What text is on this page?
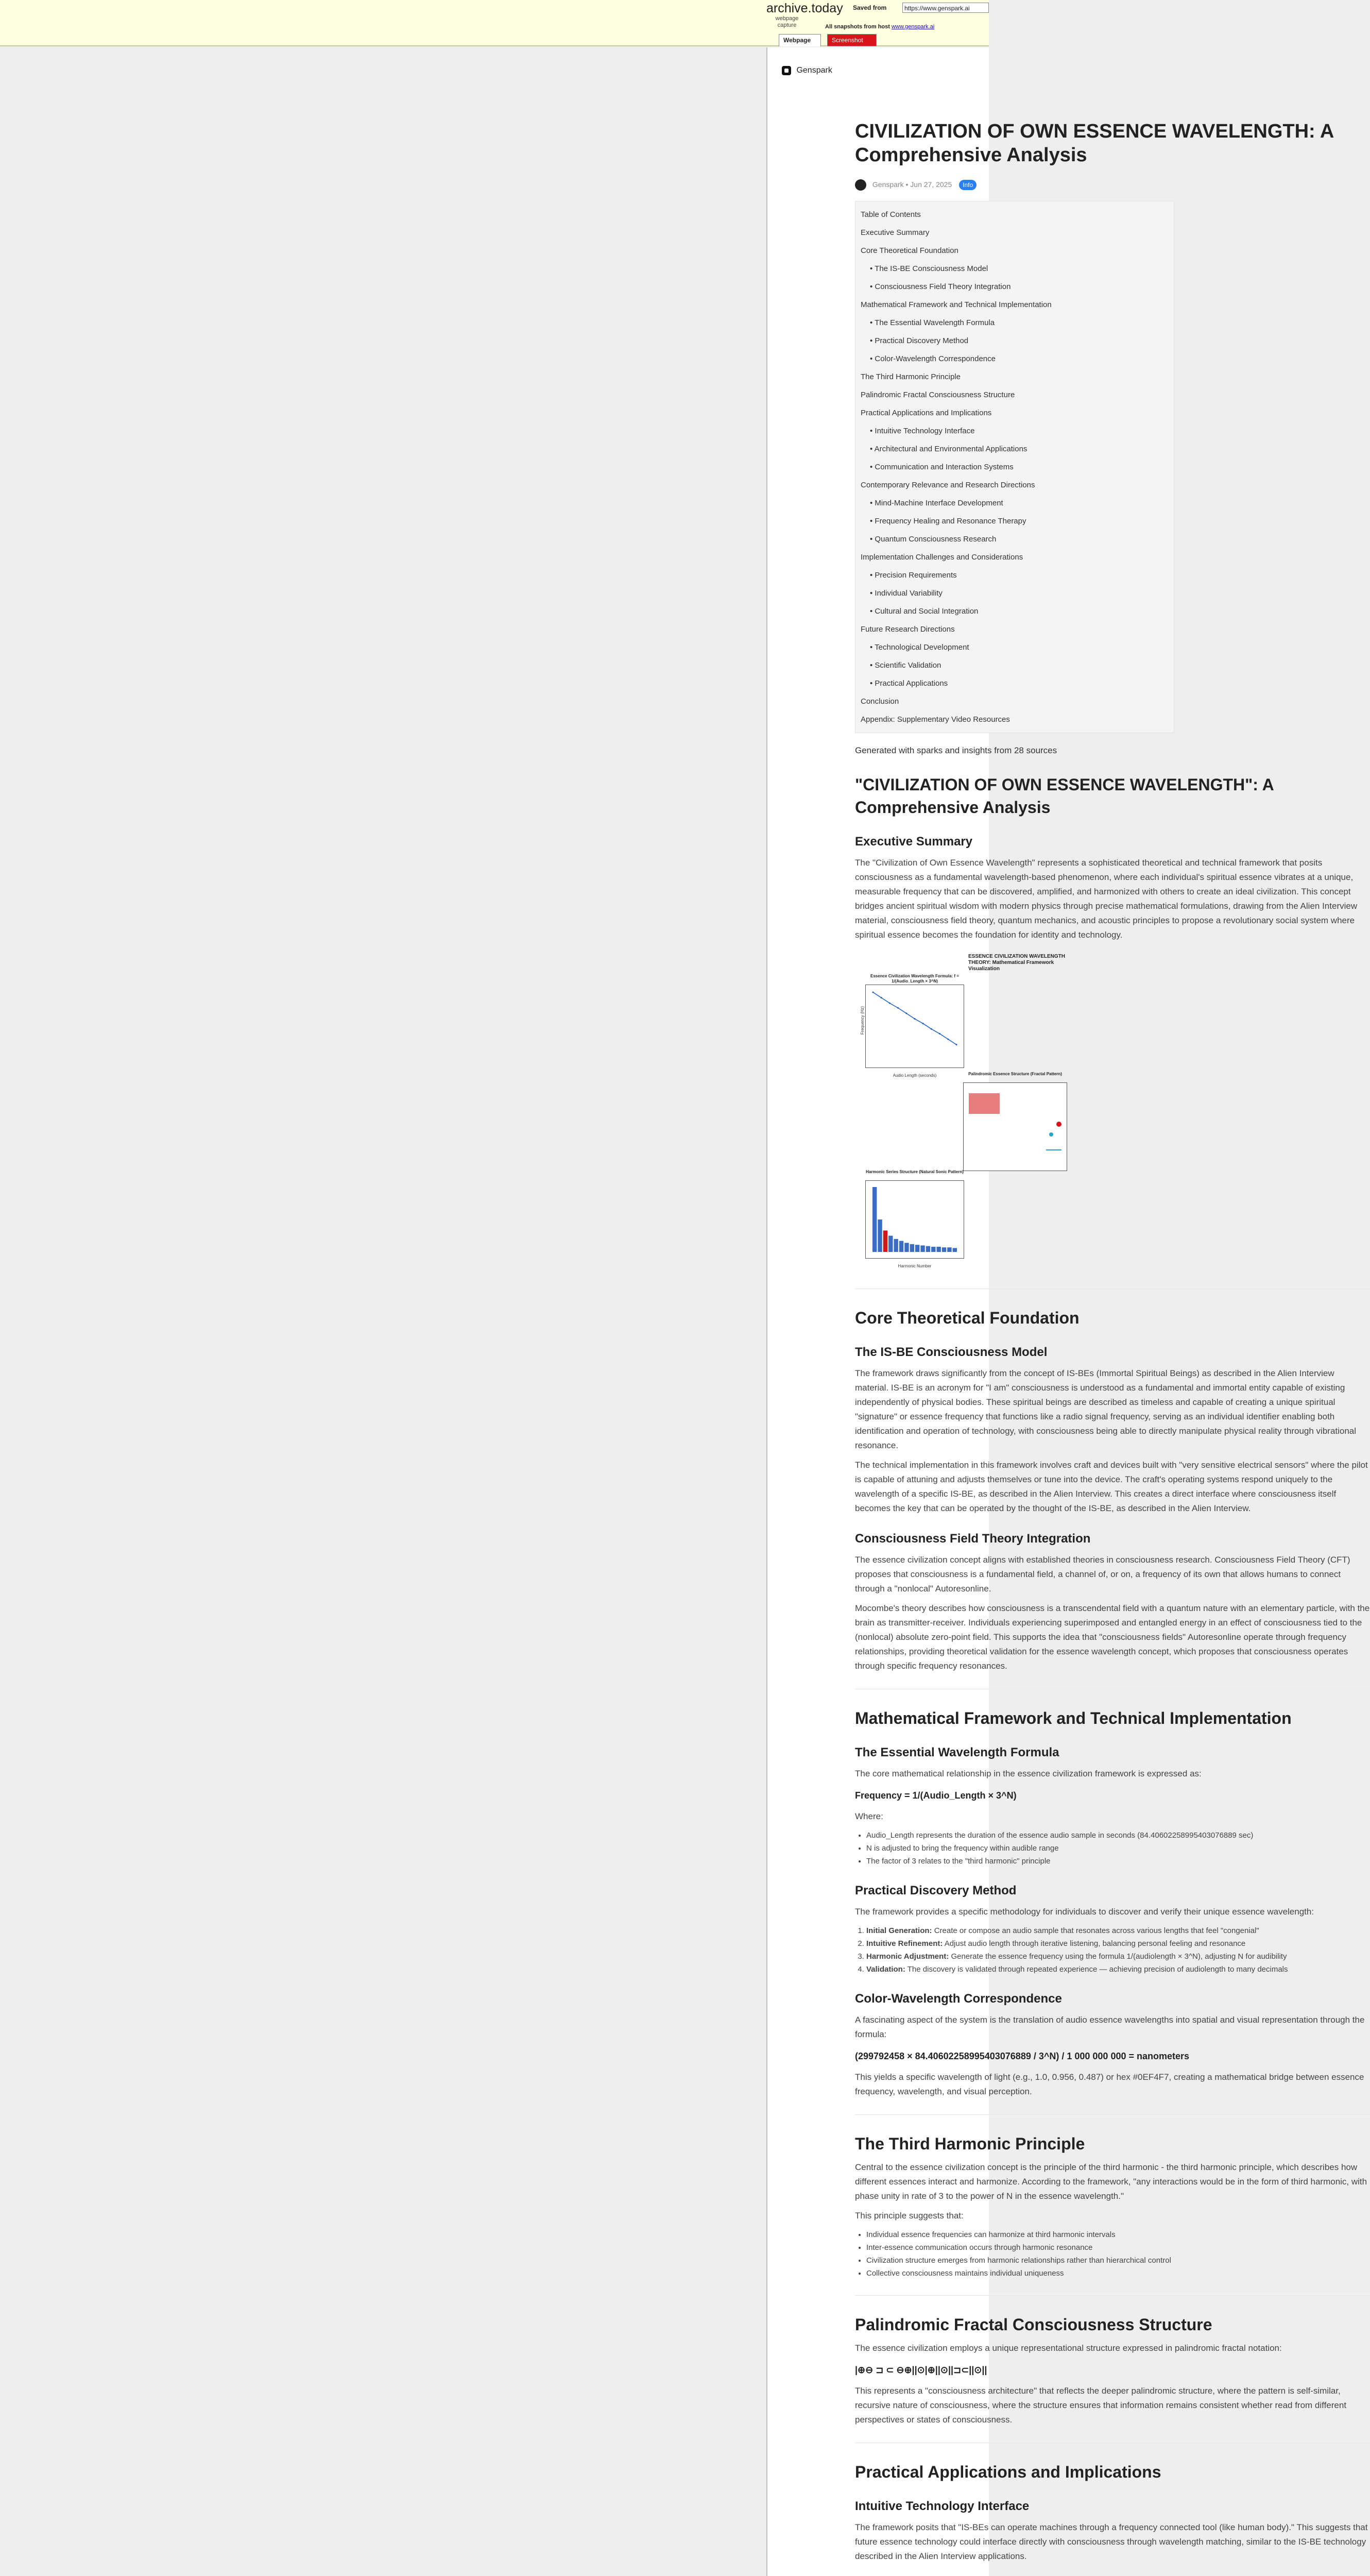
archive.today
webpage capture
Saved from	https://www.genspark.ai
All snapshots from host www.genspark.ai
Webpage	Screenshot
Genspark
CIVILIZATION OF OWN ESSENCE WAVELENGTH: A Comprehensive Analysis
Genspark • Jun 27, 2025 Info
Table of Contents
Executive Summary
Core Theoretical Foundation
• The IS-BE Consciousness Model
• Consciousness Field Theory Integration
Mathematical Framework and Technical Implementation
• The Essential Wavelength Formula
• Practical Discovery Method
• Color-Wavelength Correspondence
The Third Harmonic Principle
Palindromic Fractal Consciousness Structure
Practical Applications and Implications
• Intuitive Technology Interface
• Architectural and Environmental Applications
• Communication and Interaction Systems
Contemporary Relevance and Research Directions
• Mind-Machine Interface Development
• Frequency Healing and Resonance Therapy
• Quantum Consciousness Research
Implementation Challenges and Considerations
• Precision Requirements
• Individual Variability
• Cultural and Social Integration
Future Research Directions
• Technological Development
• Scientific Validation
• Practical Applications
Conclusion
Appendix: Supplementary Video Resources
Generated with sparks and insights from 28 sources
"CIVILIZATION OF OWN ESSENCE WAVELENGTH": A Comprehensive Analysis
Executive Summary

The "Civilization of Own Essence Wavelength" represents a sophisticated theoretical and technical framework that posits consciousness as a fundamental wavelength-based phenomenon, where each individual's spiritual essence vibrates at a unique, measurable frequency that can be discovered, amplified, and harmonized with others to create an ideal civilization. This concept bridges ancient spiritual wisdom with modern physics through precise mathematical formulations, drawing from the Alien Interview material, consciousness field theory, quantum mechanics, and acoustic principles to propose a revolutionary social system where spiritual essence becomes the foundation for identity and technology.

ESSENCE CIVILIZATION WAVELENGTH THEORY: Mathematical Framework Visualization
Essence Civilization Wavelength Formula: f = 1/(Audio_Length × 3^N)
Audio Length (seconds)
Frequency (Hz)
Palindromic Essence Structure (Fractal Pattern)
Harmonic Series Structure (Natural Sonic Pattern)
Harmonic Number
Core Theoretical Foundation
The IS-BE Consciousness Model

The framework draws significantly from the concept of IS-BEs (Immortal Spiritual Beings) as described in the Alien Interview material. IS-BE is an acronym for "I am" consciousness is understood as a fundamental and immortal entity capable of existing independently of physical bodies. These spiritual beings are described as timeless and capable of creating a unique spiritual "signature" or essence frequency that functions like a radio signal frequency, serving as an individual identifier enabling both identification and operation of technology, with consciousness being able to directly manipulate physical reality through vibrational resonance.

The technical implementation in this framework involves craft and devices built with "very sensitive electrical sensors" where the pilot is capable of attuning and adjusts themselves or tune into the device. The craft's operating systems respond uniquely to the wavelength of a specific IS-BE, as described in the Alien Interview. This creates a direct interface where consciousness itself becomes the key that can be operated by the thought of the IS-BE, as described in the Alien Interview.

Consciousness Field Theory Integration

The essence civilization concept aligns with established theories in consciousness research. Consciousness Field Theory (CFT) proposes that consciousness is a fundamental field, a channel of, or on, a frequency of its own that allows humans to connect through a "nonlocal" Autoresonline.

Mocombe's theory describes how consciousness is a transcendental field with a quantum nature with an elementary particle, with the brain as transmitter-receiver. Individuals experiencing superimposed and entangled energy in an effect of consciousness tied to the (nonlocal) absolute zero-point field. This supports the idea that "consciousness fields" Autoresonline operate through frequency relationships, providing theoretical validation for the essence wavelength concept, which proposes that consciousness operates through specific frequency resonances.

Mathematical Framework and Technical Implementation
The Essential Wavelength Formula

The core mathematical relationship in the essence civilization framework is expressed as:

Frequency = 1/(Audio_Length × 3^N)

Where:

• Audio_Length represents the duration of the essence audio sample in seconds (84.40602258995403076889 sec)
• N is adjusted to bring the frequency within audible range
• The factor of 3 relates to the "third harmonic" principle
Practical Discovery Method

The framework provides a specific methodology for individuals to discover and verify their unique essence wavelength:

1. Initial Generation: Create or compose an audio sample that resonates across various lengths that feel "congenial"
2. Intuitive Refinement: Adjust audio length through iterative listening, balancing personal feeling and resonance
3. Harmonic Adjustment: Generate the essence frequency using the formula 1/(audiolength × 3^N), adjusting N for audibility
4. Validation: The discovery is validated through repeated experience — achieving precision of audiolength to many decimals
Color-Wavelength Correspondence

A fascinating aspect of the system is the translation of audio essence wavelengths into spatial and visual representation through the formula:

(299792458 × 84.40602258995403076889 / 3^N) / 1 000 000 000 = nanometers

This yields a specific wavelength of light (e.g., 1.0, 0.956, 0.487) or hex #0EF4F7, creating a mathematical bridge between essence frequency, wavelength, and visual perception.

The Third Harmonic Principle

Central to the essence civilization concept is the principle of the third harmonic - the third harmonic principle, which describes how different essences interact and harmonize. According to the framework, "any interactions would be in the form of third harmonic, with phase unity in rate of 3 to the power of N in the essence wavelength."

This principle suggests that:

• Individual essence frequencies can harmonize at third harmonic intervals
• Inter-essence communication occurs through harmonic resonance
• Civilization structure emerges from harmonic relationships rather than hierarchical control
• Collective consciousness maintains individual uniqueness
Palindromic Fractal Consciousness Structure

The essence civilization employs a unique representational structure expressed in palindromic fractal notation:

|⊕⊖ ⊐ ⊂ ⊖⊕||⊙|⊕||⊙||⊐⊂||⊙||

This represents a "consciousness architecture" that reflects the deeper palindromic structure, where the pattern is self-similar, recursive nature of consciousness, where the structure ensures that information remains consistent whether read from different perspectives or states of consciousness.

Practical Applications and Implications
Intuitive Technology Interface

The framework posits that "IS-BEs can operate machines through a frequency connected tool (like human body)." This suggests that future essence technology could interface directly with consciousness through wavelength matching, similar to the IS-BE technology described in the Alien Interview applications.
